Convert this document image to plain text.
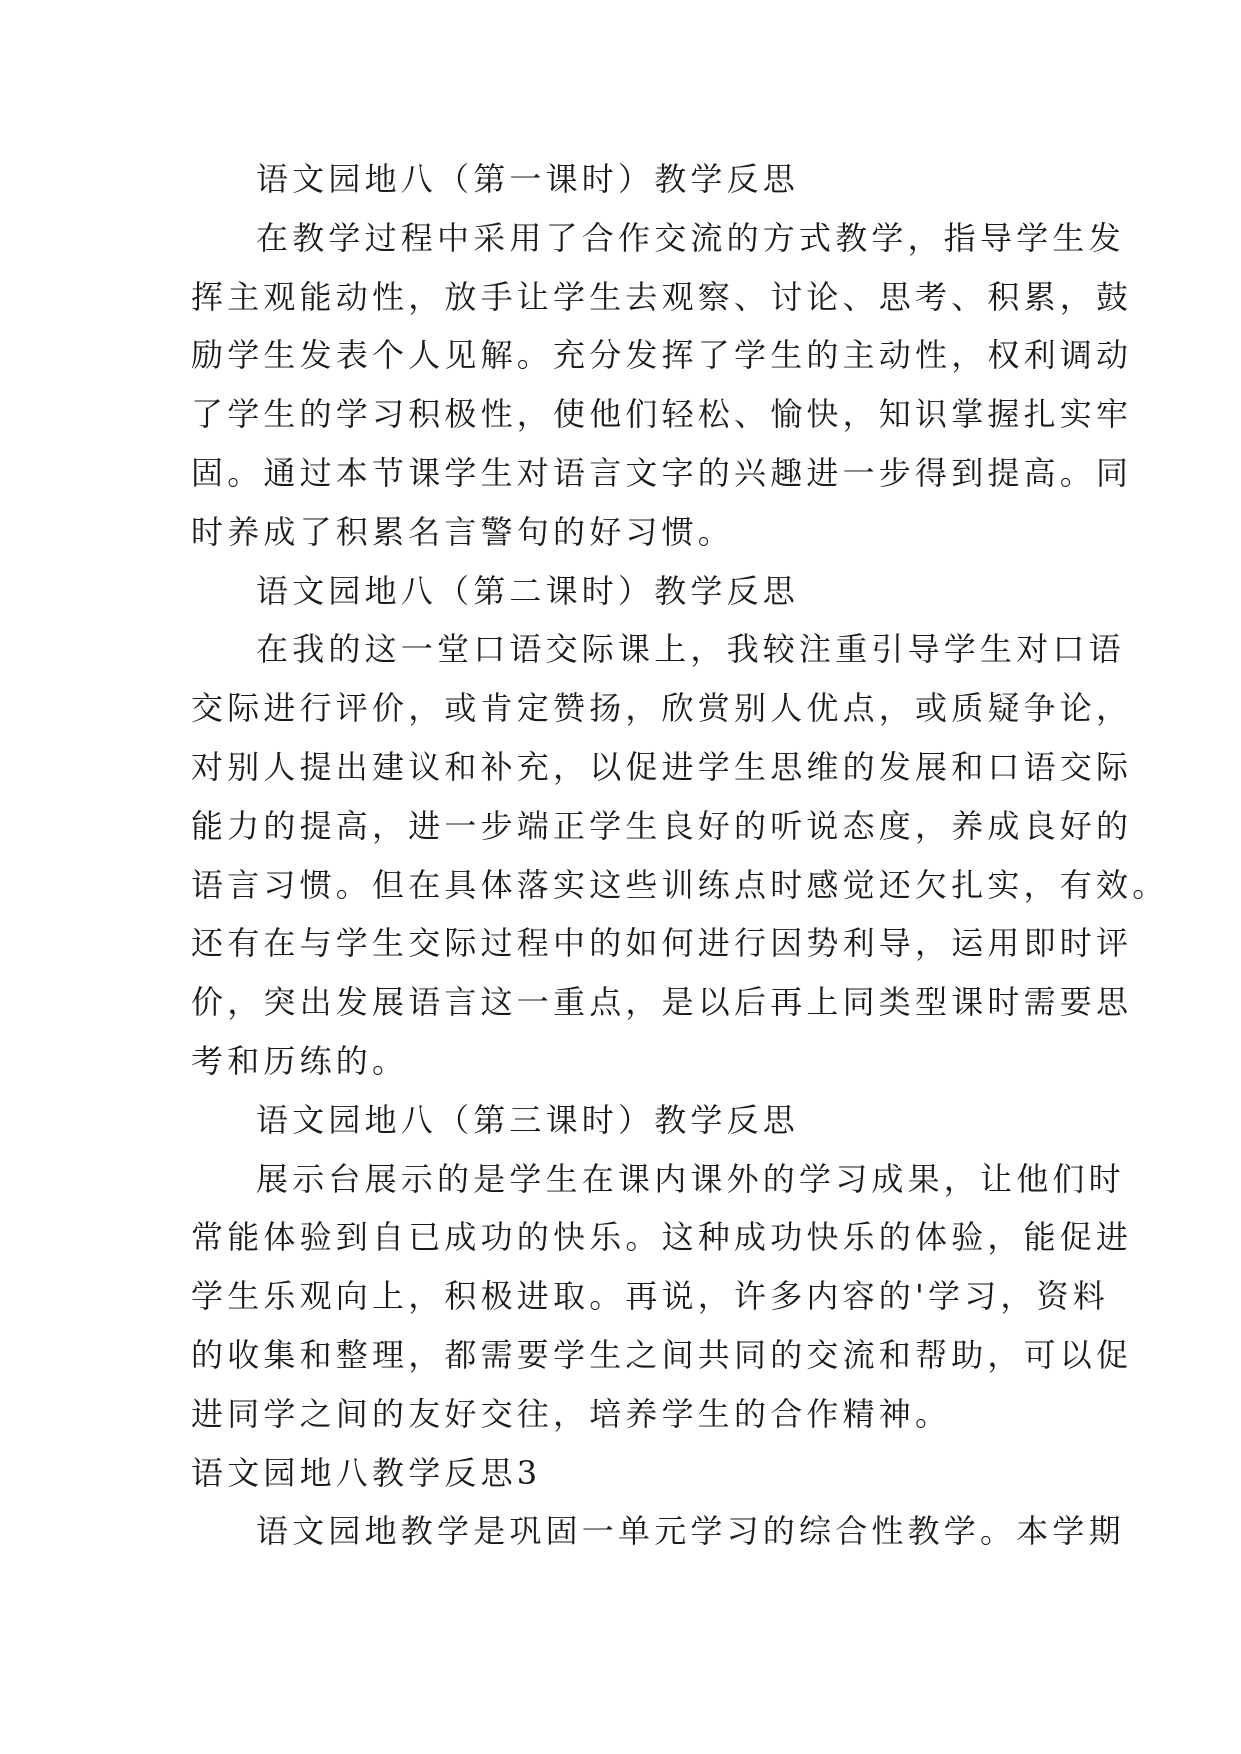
语文园地八（第一课时）教学反思
在教学过程中采用了合作交流的方式教学，指导学生发
挥主观能动性，放手让学生去观察、讨论、思考、积累，鼓
励学生发表个人见解。充分发挥了学生的主动性，权利调动
了学生的学习积极性，使他们轻松、愉快，知识掌握扎实牢
固。通过本节课学生对语言文字的兴趣进一步得到提高。同
时养成了积累名言警句的好习惯。
语文园地八（第二课时）教学反思
在我的这一堂口语交际课上，我较注重引导学生对口语
交际进行评价，或肯定赞扬，欣赏别人优点，或质疑争论，
对别人提出建议和补充，以促进学生思维的发展和口语交际
能力的提高，进一步端正学生良好的听说态度，养成良好的
语言习惯。但在具体落实这些训练点时感觉还欠扎实，有效。
还有在与学生交际过程中的如何进行因势利导，运用即时评
价，突出发展语言这一重点，是以后再上同类型课时需要思
考和历练的。
语文园地八（第三课时）教学反思
展示台展示的是学生在课内课外的学习成果，让他们时
常能体验到自已成功的快乐。这种成功快乐的体验，能促进
学生乐观向上，积极进取。再说，许多内容的'学习，资料
的收集和整理，都需要学生之间共同的交流和帮助，可以促
进同学之间的友好交往，培养学生的合作精神。
语文园地八教学反思3
语文园地教学是巩固一单元学习的综合性教学。本学期
